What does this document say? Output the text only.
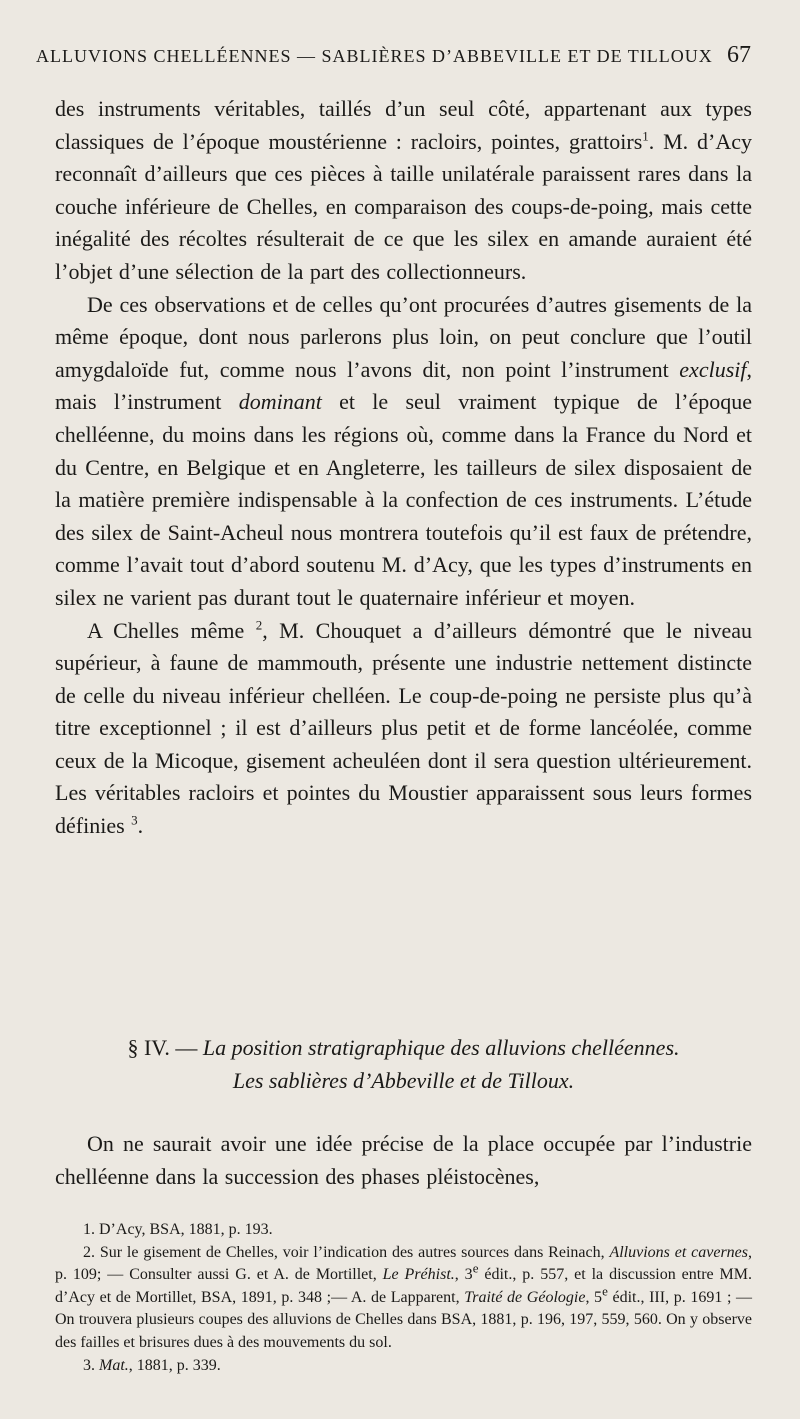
ALLUVIONS CHELLÉENNES — SABLIÈRES D’ABBEVILLE ET DE TILLOUX 67

des instruments véritables, taillés d’un seul côté, appartenant aux types classiques de l’époque moustérienne : racloirs, pointes, grattoirs$^1$. M. d’Acy reconnaît d’ailleurs que ces pièces à taille unilatérale paraissent rares dans la couche inférieure de Chelles, en comparaison des coups-de-poing, mais cette inégalité des récoltes résulterait de ce que les silex en amande auraient été l’objet d’une sélection de la part des collectionneurs.

De ces observations et de celles qu’ont procurées d’autres gisements de la même époque, dont nous parlerons plus loin, on peut conclure que l’outil amygdaloïde fut, comme nous l’avons dit, non point l’instrument exclusif, mais l’instrument dominant et le seul vraiment typique de l’époque chelléenne, du moins dans les régions où, comme dans la France du Nord et du Centre, en Belgique et en Angleterre, les tailleurs de silex disposaient de la matière première indispensable à la confection de ces instruments. L’étude des silex de Saint-Acheul nous montrera toutefois qu’il est faux de prétendre, comme l’avait tout d’abord soutenu M. d’Acy, que les types d’instruments en silex ne varient pas durant tout le quaternaire inférieur et moyen.

A Chelles même $^2$, M. Chouquet a d’ailleurs démontré que le niveau supérieur, à faune de mammouth, présente une industrie nettement distincte de celle du niveau inférieur chelléen. Le coup-de-poing ne persiste plus qu’à titre exceptionnel ; il est d’ailleurs plus petit et de forme lancéolée, comme ceux de la Micoque, gisement acheuléen dont il sera question ultérieurement. Les véritables racloirs et pointes du Moustier apparaissent sous leurs formes définies $^3$.

§ IV. — La position stratigraphique des alluvions chelléennes.
Les sablières d’Abbeville et de Tilloux.

On ne saurait avoir une idée précise de la place occupée par l’industrie chelléenne dans la succession des phases pléistocènes,

1. D’Acy, BSA, 1881, p. 193.

2. Sur le gisement de Chelles, voir l’indication des autres sources dans Reinach, Alluvions et cavernes, p. 109; — Consulter aussi G. et A. de Mortillet, Le Préhist., 3e édit., p. 557, et la discussion entre MM. d’Acy et de Mortillet, BSA, 1891, p. 348 ;— A. de Lapparent, Traité de Géologie, 5e édit., III, p. 1691 ; — On trouvera plusieurs coupes des alluvions de Chelles dans BSA, 1881, p. 196, 197, 559, 560. On y observe des failles et brisures dues à des mouvements du sol.

3. Mat., 1881, p. 339.
